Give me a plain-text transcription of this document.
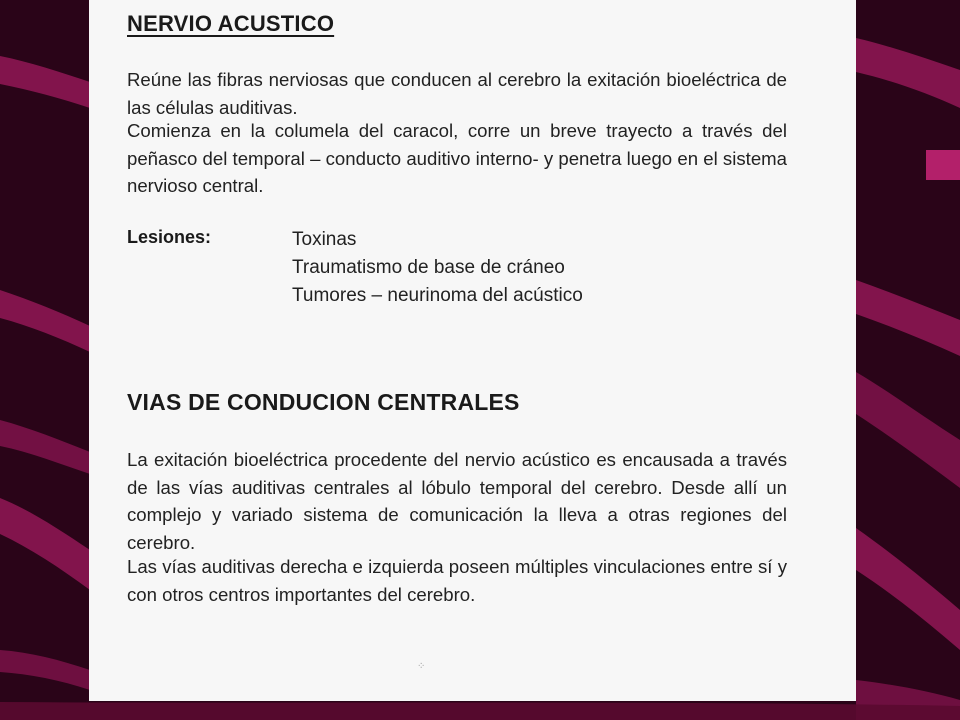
NERVIO ACUSTICO

Reúne las fibras nerviosas que conducen al cerebro la exitación bioeléctrica de las células auditivas.

Comienza en la columela del caracol, corre un breve trayecto a través del peñasco del temporal – conducto auditivo interno- y penetra luego en el sistema nervioso central.

Lesiones:	Toxinas
Traumatismo de base de cráneo
Tumores – neurinoma del acústico
VIAS DE CONDUCION CENTRALES

La exitación bioeléctrica procedente del nervio acústico es encausada a través de las vías auditivas centrales al lóbulo temporal del cerebro. Desde allí un complejo y variado sistema de comunicación la lleva a otras regiones del cerebro.

Las vías auditivas derecha e izquierda poseen múltiples vinculaciones entre sí y con otros centros importantes del cerebro.

⁘
